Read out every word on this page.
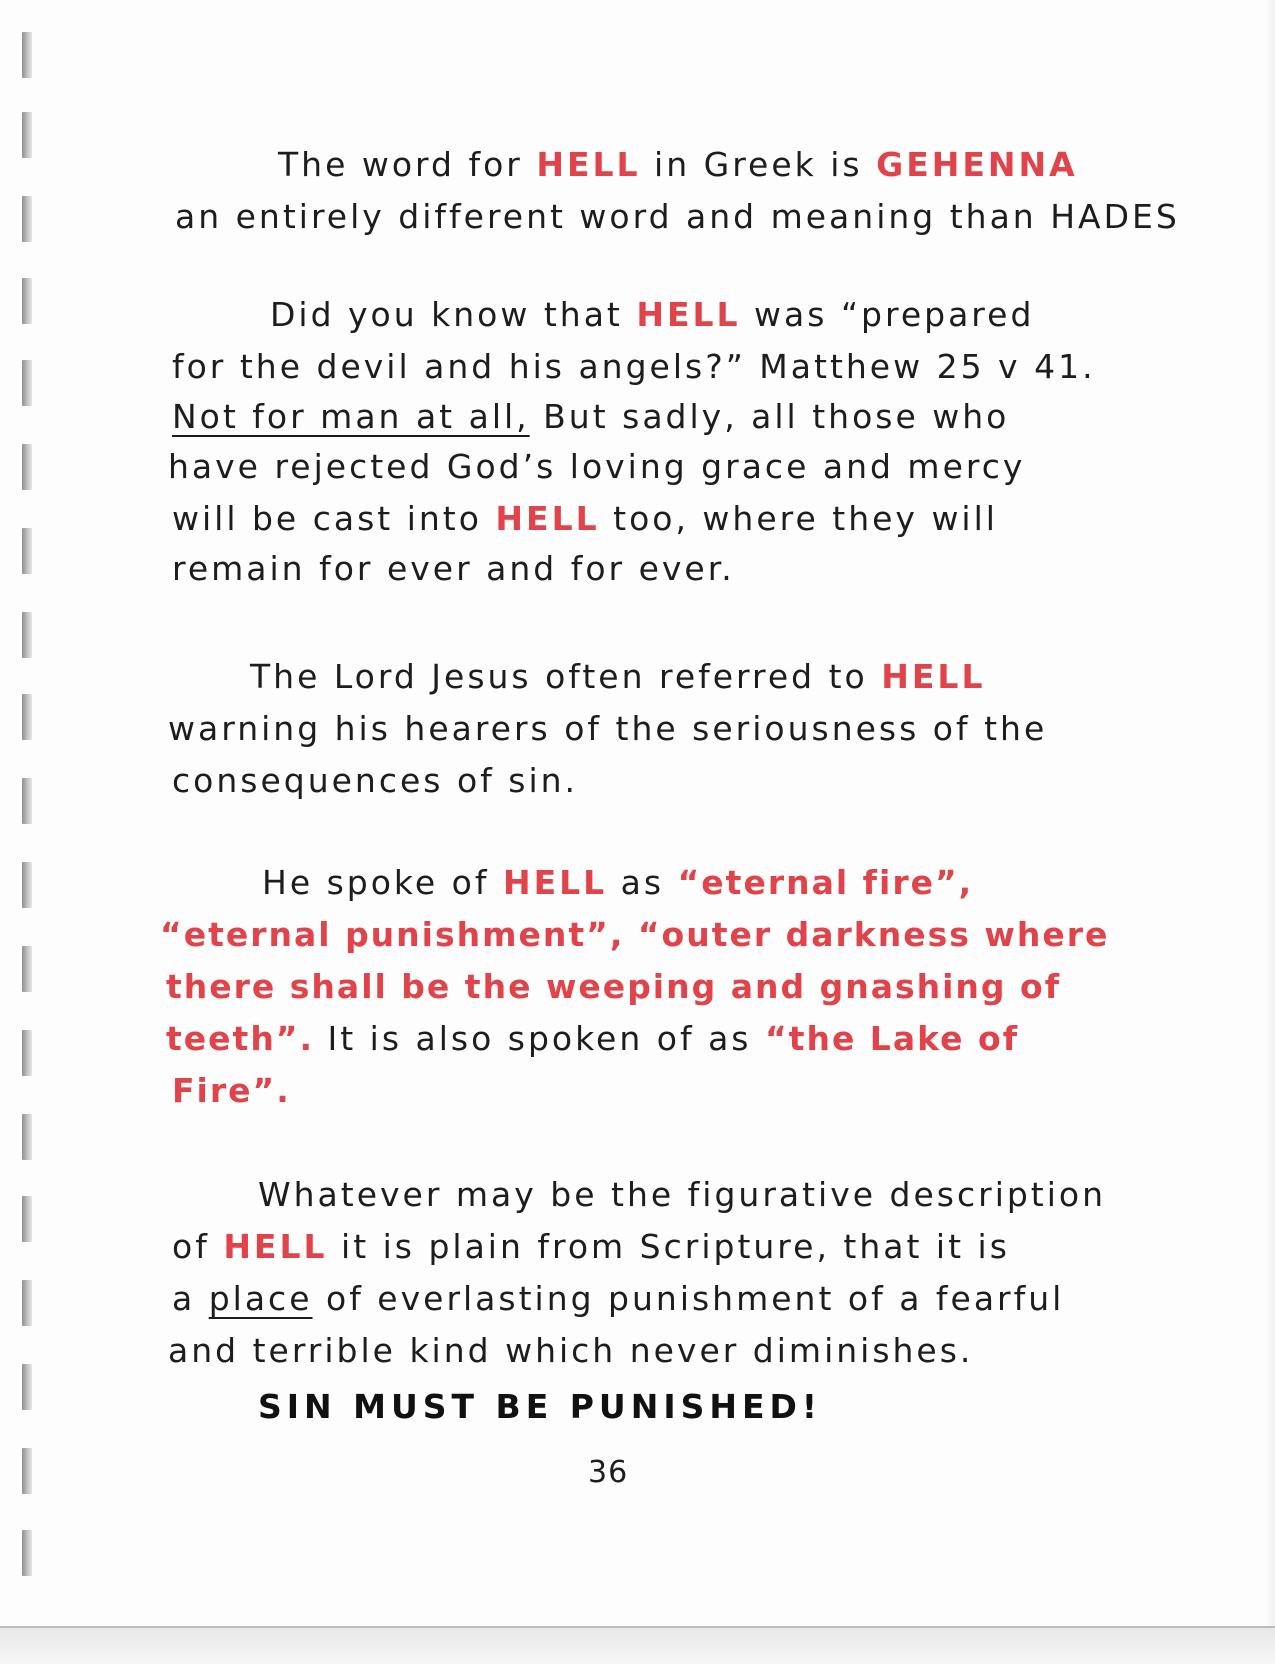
The word for HELL in Greek is GEHENNA

an entirely different word and meaning than HADES

Did you know that HELL was “prepared

for the devil and his angels?” Matthew 25 v 41.

Not for man at all, But sadly, all those who

have rejected God’s loving grace and mercy

will be cast into HELL too, where they will

remain for ever and for ever.

The Lord Jesus often referred to HELL

warning his hearers of the seriousness of the

consequences of sin.

He spoke of HELL as “eternal fire”,

“eternal punishment”, “outer darkness where

there shall be the weeping and gnashing of

teeth”. It is also spoken of as “the Lake of

Fire”.

Whatever may be the figurative description

of HELL it is plain from Scripture, that it is

a place of everlasting punishment of a fearful

and terrible kind which never diminishes.

SIN MUST BE PUNISHED!

36
